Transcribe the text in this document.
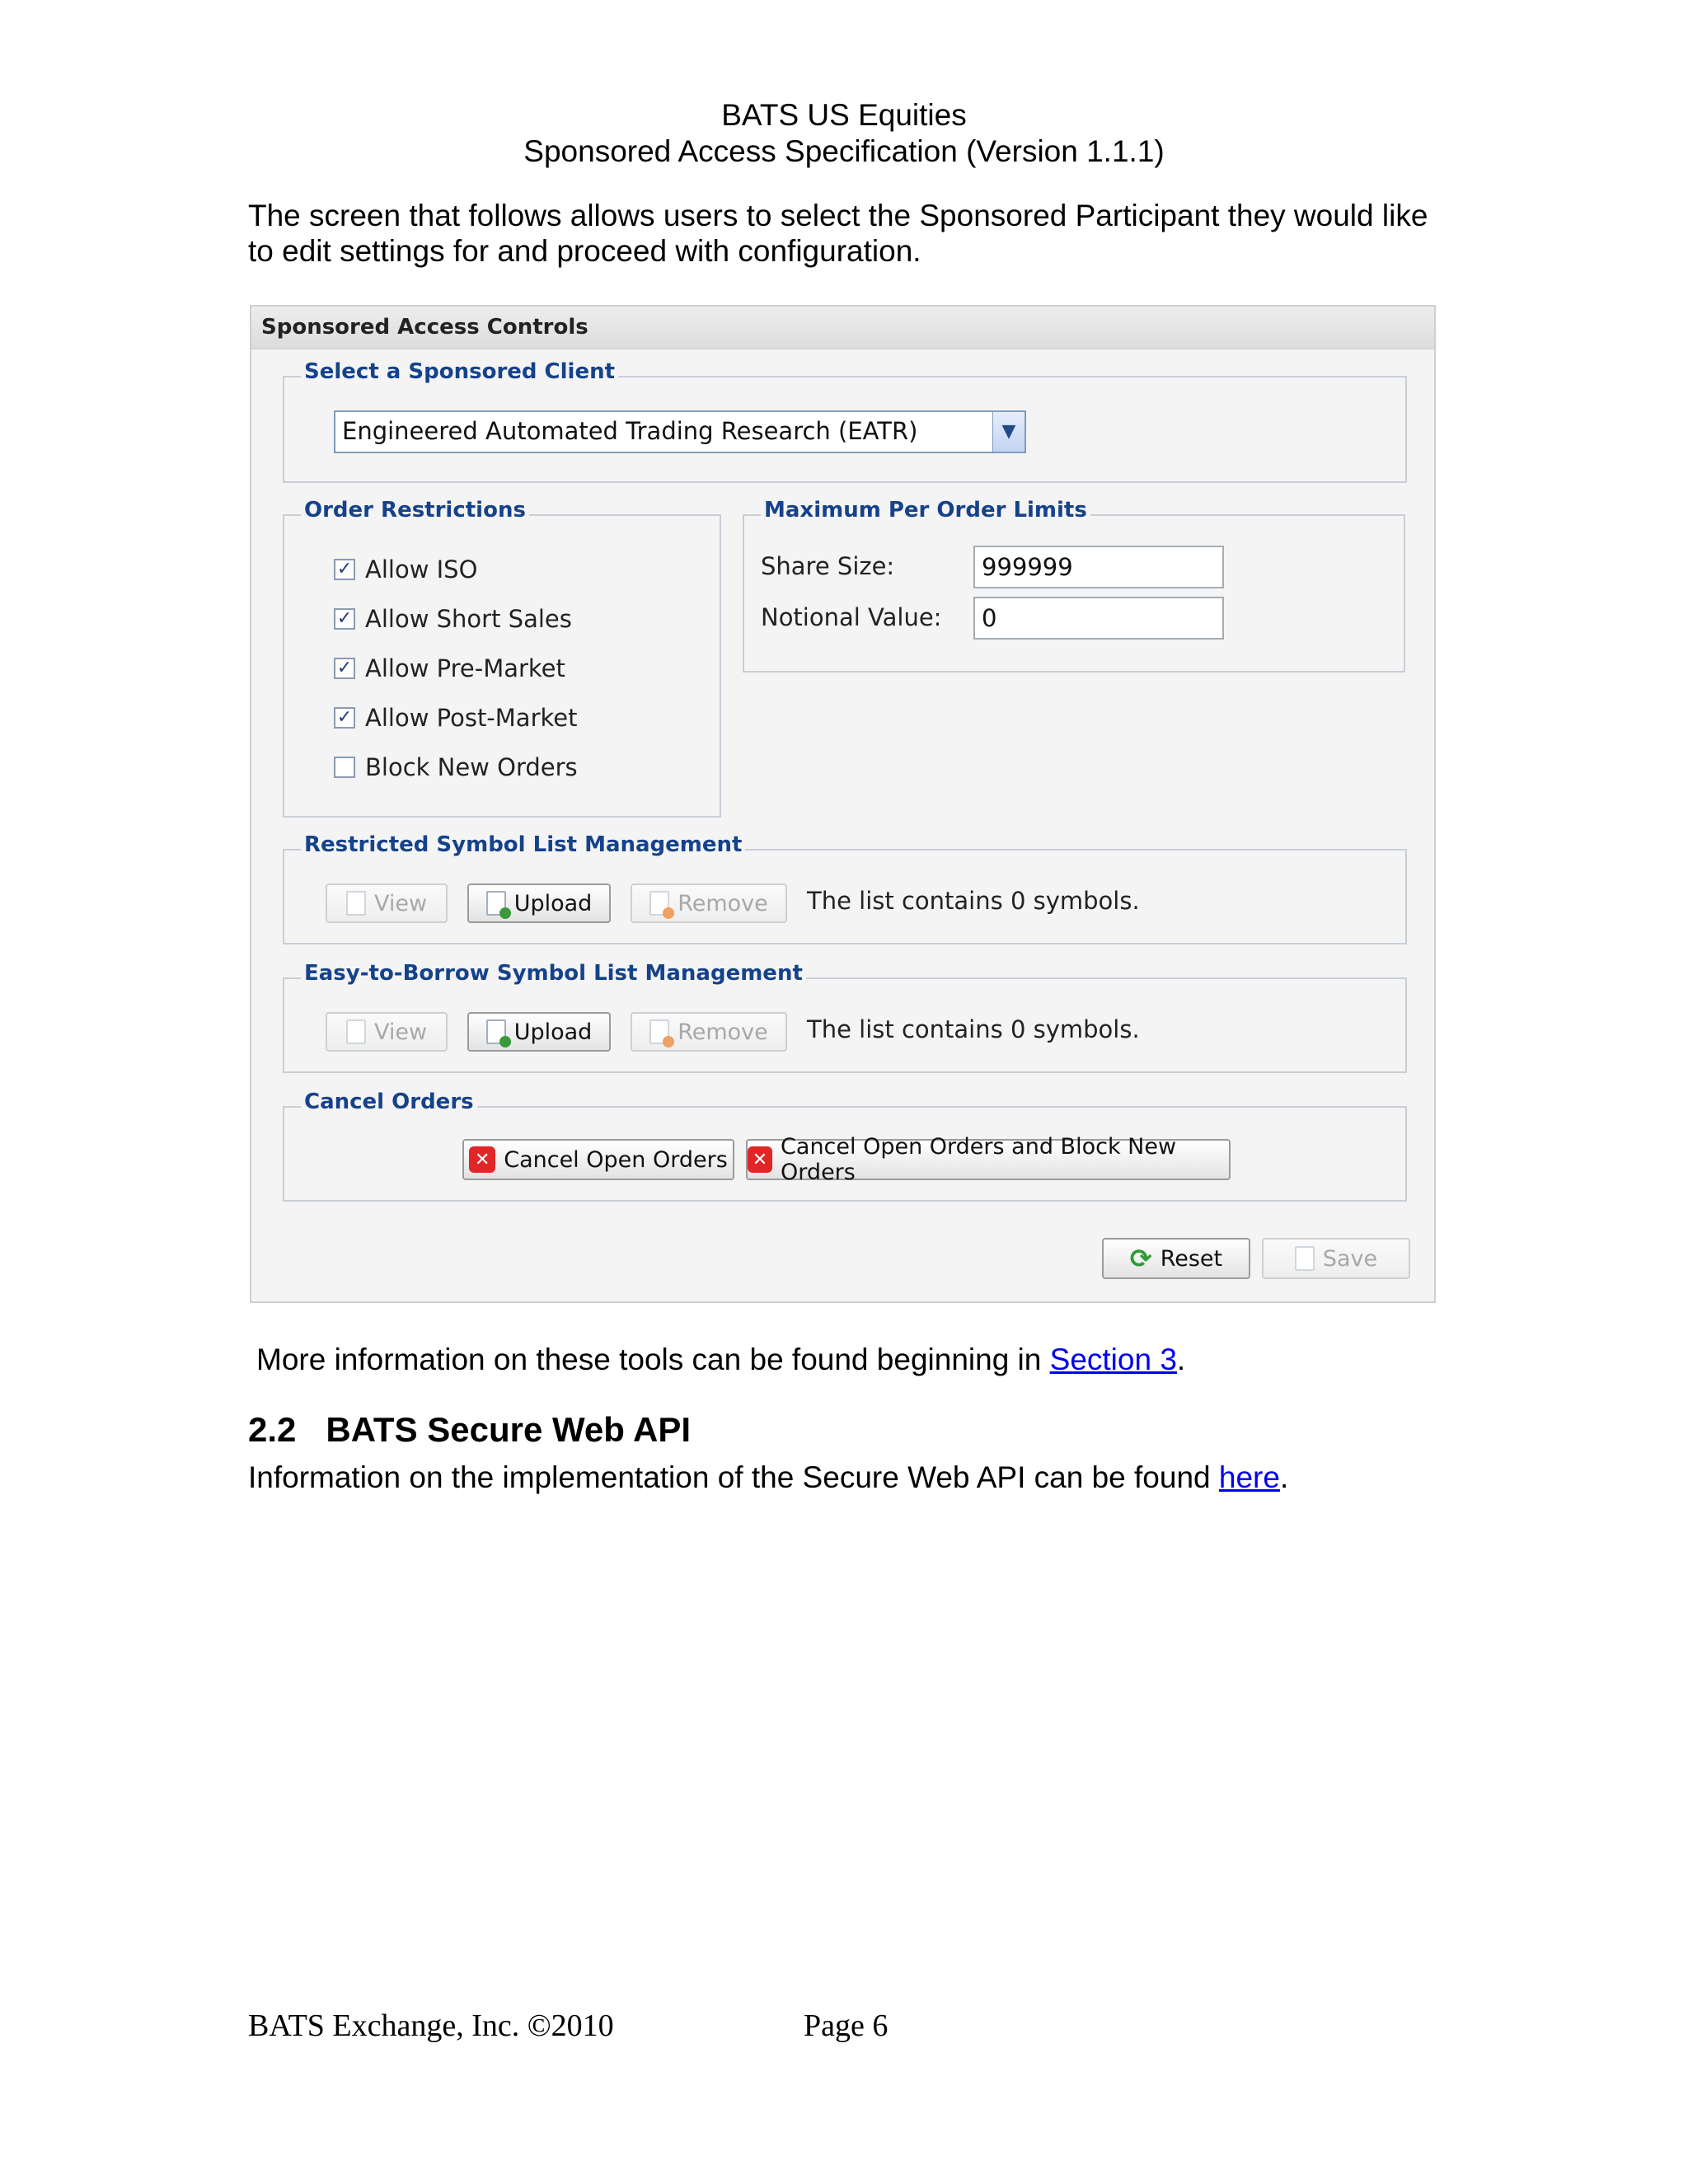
BATS US Equities
Sponsored Access Specification (Version 1.1.1)
The screen that follows allows users to select the Sponsored Participant they would like
to edit settings for and proceed with configuration.
Sponsored Access Controls
Select a Sponsored Client
Engineered Automated Trading Research (EATR)	▼
Order Restrictions
✓ Allow ISO
✓ Allow Short Sales
✓ Allow Pre-Market
✓ Allow Post-Market
Block New Orders
Maximum Per Order Limits
Share Size:	999999
Notional Value:	0
Restricted Symbol List Management
View	Upload	Remove The list contains 0 symbols.
Easy-to-Borrow Symbol List Management
View	Upload	Remove The list contains 0 symbols.
Cancel Orders
✕ Cancel Open Orders ✕ Cancel Open Orders and Block New Orders
⟳ Reset	Save
More information on these tools can be found beginning in Section 3.
2.2 BATS Secure Web API
Information on the implementation of the Secure Web API can be found here.
BATS Exchange, Inc. ©2010	Page 6
